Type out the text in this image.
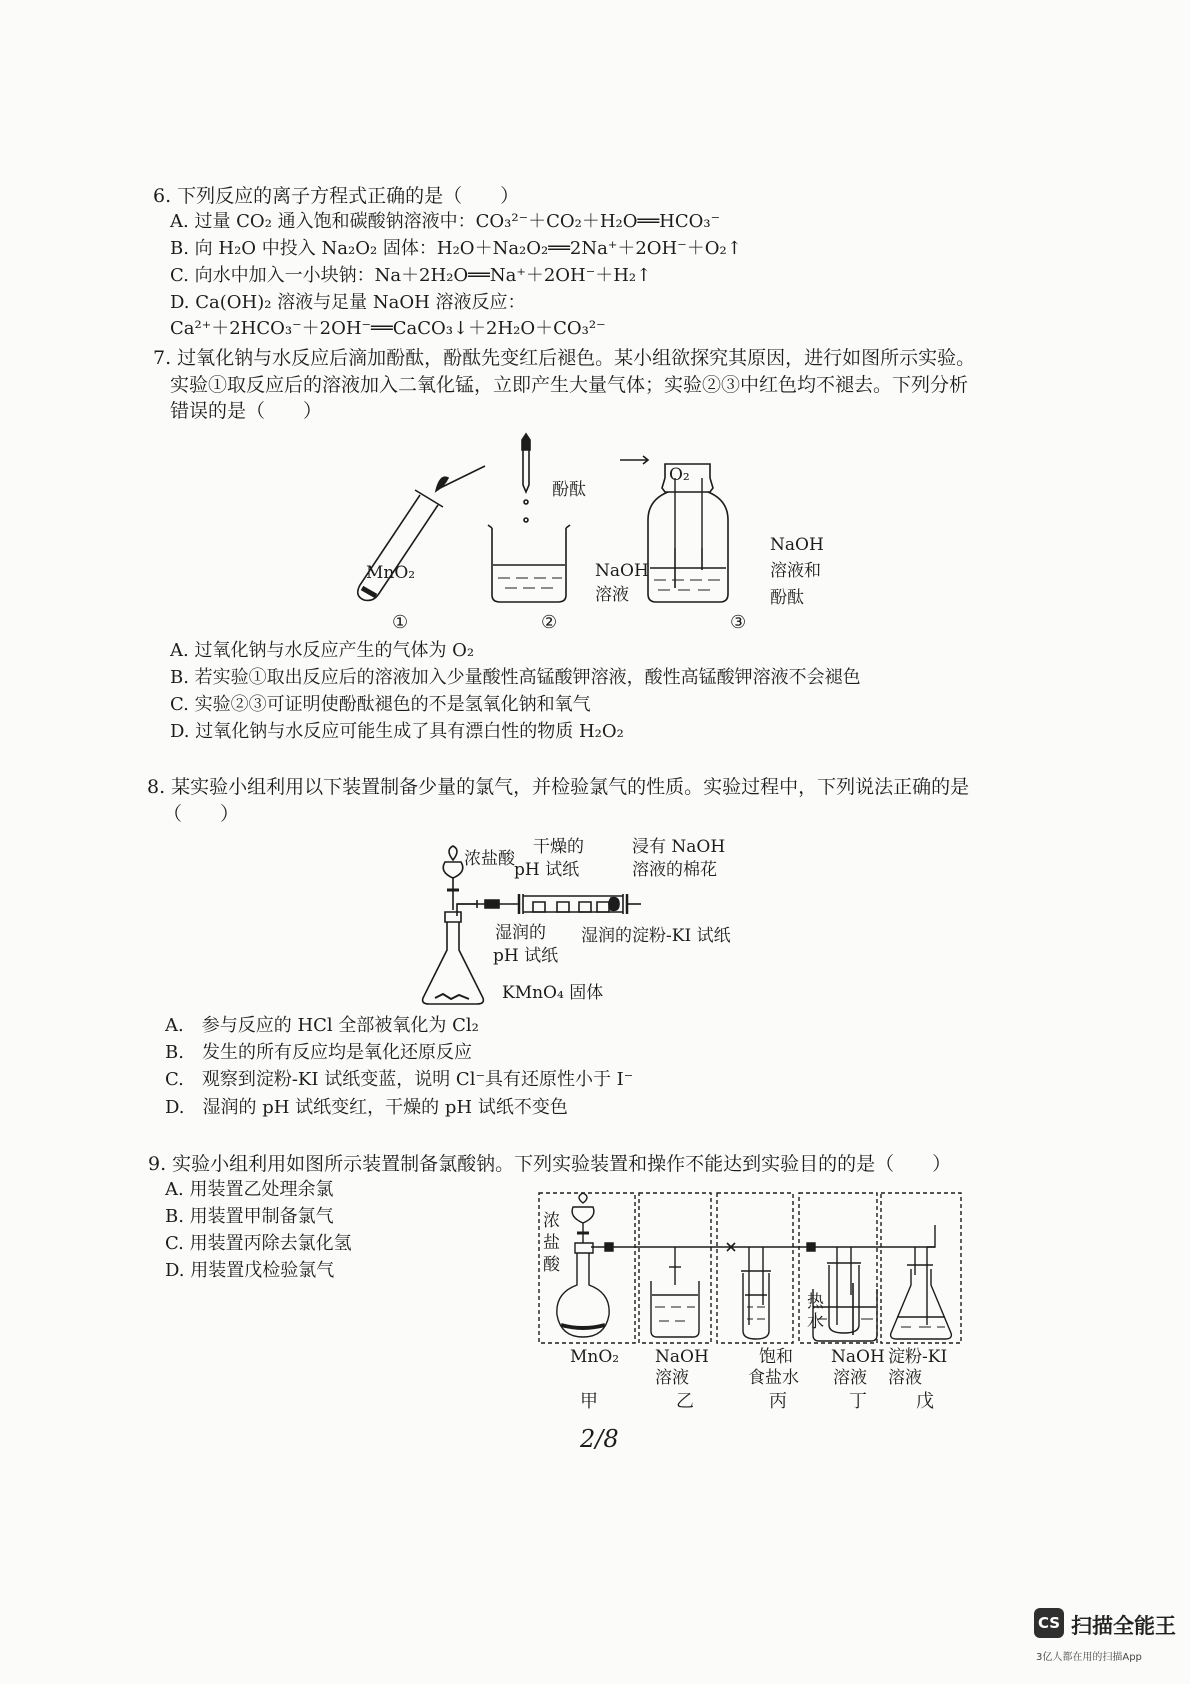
6. 下列反应的离子方程式正确的是（　　）
A. 过量 CO₂ 通入饱和碳酸钠溶液中：CO₃²⁻＋CO₂＋H₂O══HCO₃⁻
B. 向 H₂O 中投入 Na₂O₂ 固体：H₂O＋Na₂O₂══2Na⁺＋2OH⁻＋O₂↑
C. 向水中加入一小块钠：Na＋2H₂O══Na⁺＋2OH⁻＋H₂↑
D. Ca(OH)₂ 溶液与足量 NaOH 溶液反应：
Ca²⁺＋2HCO₃⁻＋2OH⁻══CaCO₃↓＋2H₂O＋CO₃²⁻
7. 过氧化钠与水反应后滴加酚酞，酚酞先变红后褪色。某小组欲探究其原因，进行如图所示实验。
实验①取反应后的溶液加入二氧化锰，立即产生大量气体；实验②③中红色均不褪去。下列分析
错误的是（　　）
MnO₂
酚酞
NaOH
溶液
O₂
NaOH
溶液和
酚酞
①	②	③
A. 过氧化钠与水反应产生的气体为 O₂
B. 若实验①取出反应后的溶液加入少量酸性高锰酸钾溶液，酸性高锰酸钾溶液不会褪色
C. 实验②③可证明使酚酞褪色的不是氢氧化钠和氧气
D. 过氧化钠与水反应可能生成了具有漂白性的物质 H₂O₂
8. 某实验小组利用以下装置制备少量的氯气，并检验氯气的性质。实验过程中，下列说法正确的是
（　　）
浓盐酸
干燥的
pH 试纸
浸有 NaOH
溶液的棉花
湿润的
pH 试纸
湿润的淀粉-KI 试纸
KMnO₄ 固体
A.　参与反应的 HCl 全部被氧化为 Cl₂
B.　发生的所有反应均是氧化还原反应
C.　观察到淀粉-KI 试纸变蓝，说明 Cl⁻具有还原性小于 I⁻
D.　湿润的 pH 试纸变红，干燥的 pH 试纸不变色
9. 实验小组利用如图所示装置制备氯酸钠。下列实验装置和操作不能达到实验目的的是（　　）
A. 用装置乙处理余氯
B. 用装置甲制备氯气
C. 用装置丙除去氯化氢
D. 用装置戊检验氯气
浓
盐
酸
热
水
MnO₂ NaOH
溶液
饱和
食盐水
NaOH
溶液
淀粉-KI
溶液
甲	乙	丙	丁	戊
2/8
CS 扫描全能王
3亿人都在用的扫描App
